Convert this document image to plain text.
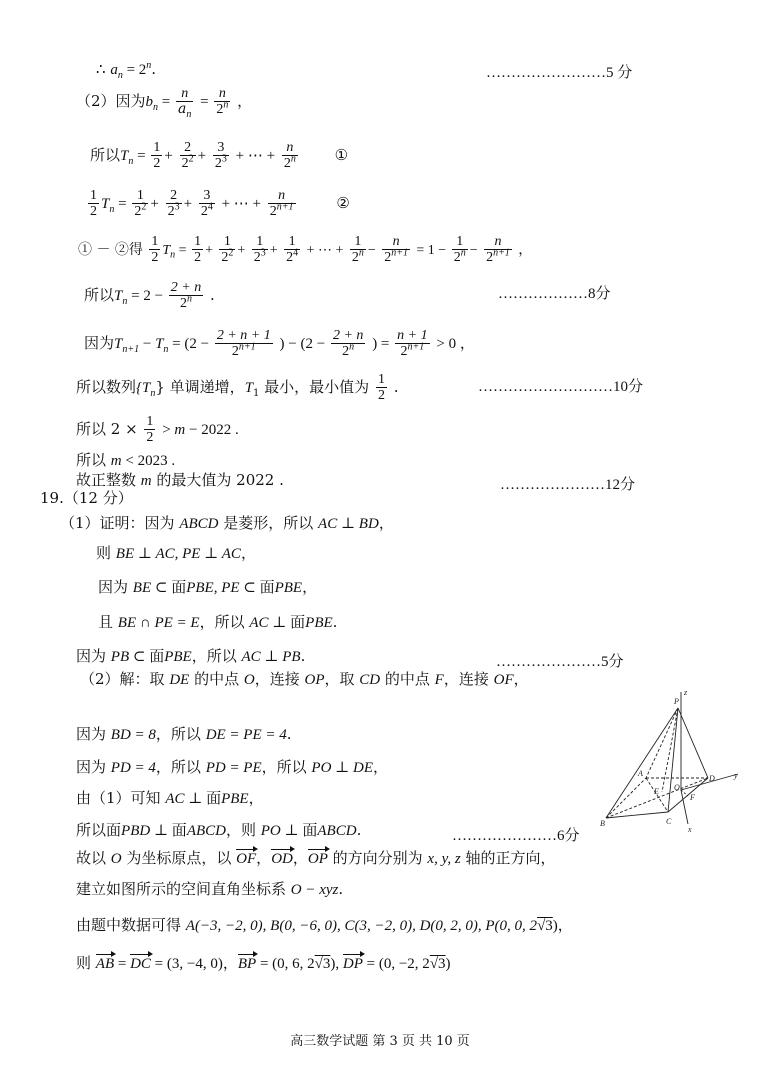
∴ $a_n = 2^n$.	……………………5 分
（2）因为$b_n = \frac{n}{a_n} = \frac{n}{2^n}$ ，
所以$T_n = \frac{1}{2} + \frac{2}{2^2} + \frac{3}{2^3}$ + ⋯ + $\frac{n}{2^n}$ ①
$\frac{1}{2} T_n = \frac{1}{2^2} + \frac{2}{2^3} + \frac{3}{2^4}$ + ⋯ + $\frac{n}{2^{n+1}}$	②
① － ②得 $\frac{1}{2} T_n = \frac{1}{2} + \frac{1}{2^2} + \frac{1}{2^3} + \frac{1}{2^4}$ + ⋯ + $\frac{1}{2^n} - \frac{n}{2^{n+1}} = 1 - \frac{1}{2^n} - \frac{n}{2^{n+1}}$ ，
所以$T_n = 2 - \frac{2 + n}{2^n}$ .	………………8分
因为$T_{n+1} - T_n = (2 - \frac{2 + n + 1}{2^{n+1}}$ ) − ($2 - \frac{2 + n}{2^n}$ ) = $\frac{n + 1}{2^{n+1}} > 0$ ，
所以数列$\{T_n\}$ 单调递增，$T_1$ 最小，最小值为 $\frac{1}{2}$ .	………………………10分
所以 $2 \times \frac{1}{2} > m - 2022$ .
所以 m < 2023 .
故正整数 m 的最大值为 2022 .	…………………12分
19.（12 分）
（1）证明：因为 ABCD 是菱形，所以 AC ⊥ BD，
则 BE ⊥ AC, PE ⊥ AC，
因为 BE ⊂ 面PBE, PE ⊂ 面PBE，
且 BE ∩ PE = E，所以 AC ⊥ 面PBE.
因为 PB ⊂ 面PBE，所以 AC ⊥ PB.	…………………5分
（2）解：取 DE 的中点 O，连接 OP，取 CD 的中点 F，连接 OF，
因为 BD = 8，所以 DE = PE = 4.
因为 PD = 4，所以 PD = PE，所以 PO ⊥ DE，
由（1）可知 AC ⊥ 面PBE，
所以面PBD ⊥ 面ABCD，则 PO ⊥ 面ABCD.	…………………6分
故以 O 为坐标原点，以 OF，OD，OP 的方向分别为 x, y, z 轴的正方向，
建立如图所示的空间直角坐标系 O − xyz.
由题中数据可得 A(−3, −2, 0), B(0, −6, 0), C(3, −2, 0), D(0, 2, 0), P(0, 0, 2√3)，
则 AB = DC = (3, −4, 0)，BP = (0, 6, 2√3), DP = (0, −2, 2√3)
P
z
y
D
O
E
F
B	C
x
A
高三数学试题 第 3 页 共 10 页
